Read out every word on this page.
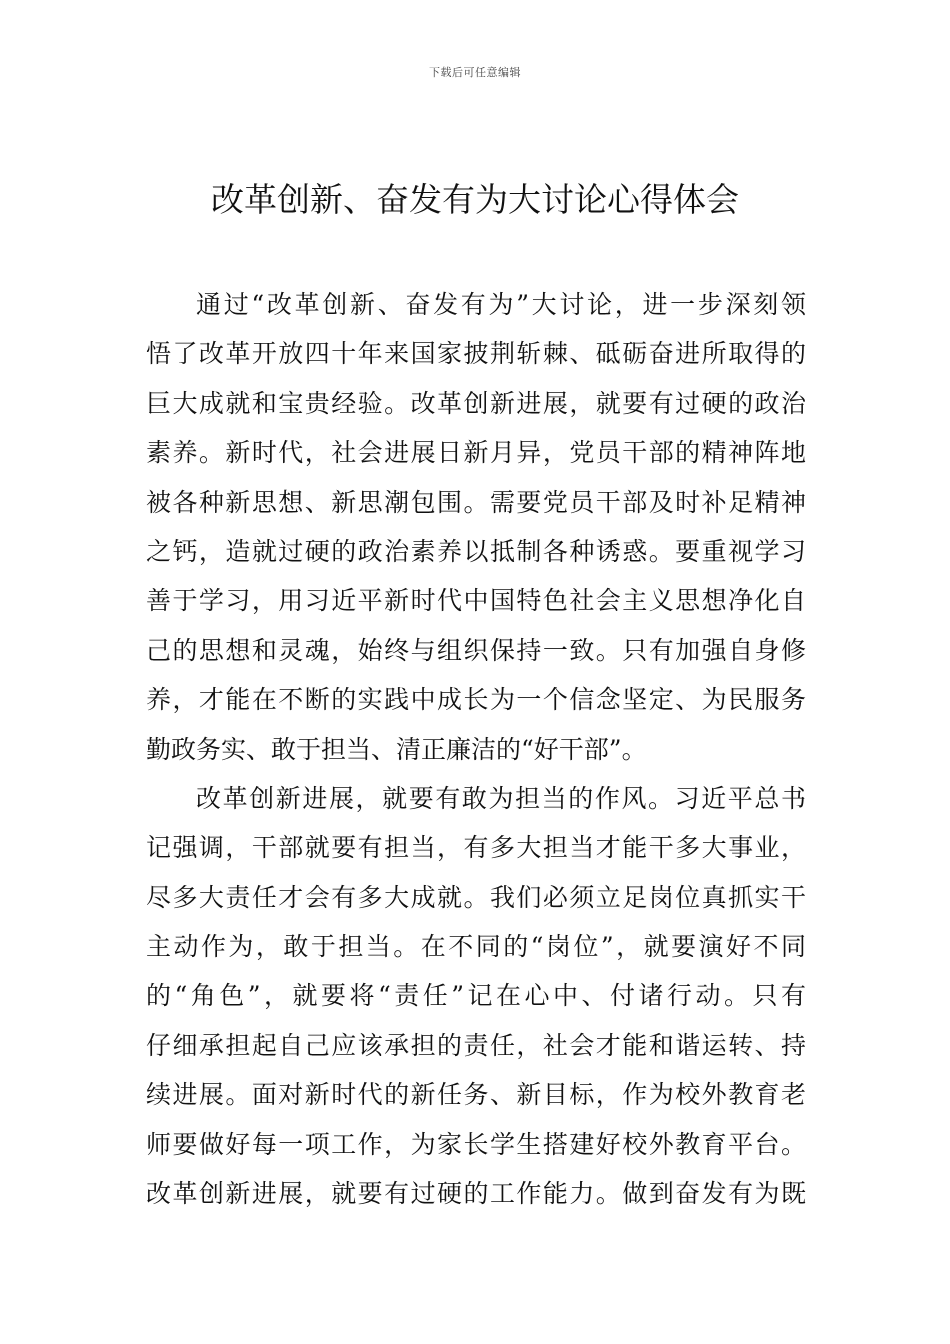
下载后可任意编辑
改革创新、奋发有为大讨论心得体会
通过“改革创新、奋发有为”大讨论，进一步深刻领
悟了改革开放四十年来国家披荆斩棘、砥砺奋进所取得的
巨大成就和宝贵经验。改革创新进展，就要有过硬的政治
素养。新时代，社会进展日新月异，党员干部的精神阵地
被各种新思想、新思潮包围。需要党员干部及时补足精神
之钙，造就过硬的政治素养以抵制各种诱惑。要重视学习
善于学习，用习近平新时代中国特色社会主义思想净化自
己的思想和灵魂，始终与组织保持一致。只有加强自身修
养，才能在不断的实践中成长为一个信念坚定、为民服务
勤政务实、敢于担当、清正廉洁的“好干部”。
改革创新进展，就要有敢为担当的作风。习近平总书
记强调，干部就要有担当，有多大担当才能干多大事业，
尽多大责任才会有多大成就。我们必须立足岗位真抓实干
主动作为，敢于担当。在不同的“岗位”，就要演好不同
的“角色”，就要将“责任”记在心中、付诸行动。只有
仔细承担起自己应该承担的责任，社会才能和谐运转、持
续进展。面对新时代的新任务、新目标，作为校外教育老
师要做好每一项工作，为家长学生搭建好校外教育平台。
改革创新进展，就要有过硬的工作能力。做到奋发有为既
